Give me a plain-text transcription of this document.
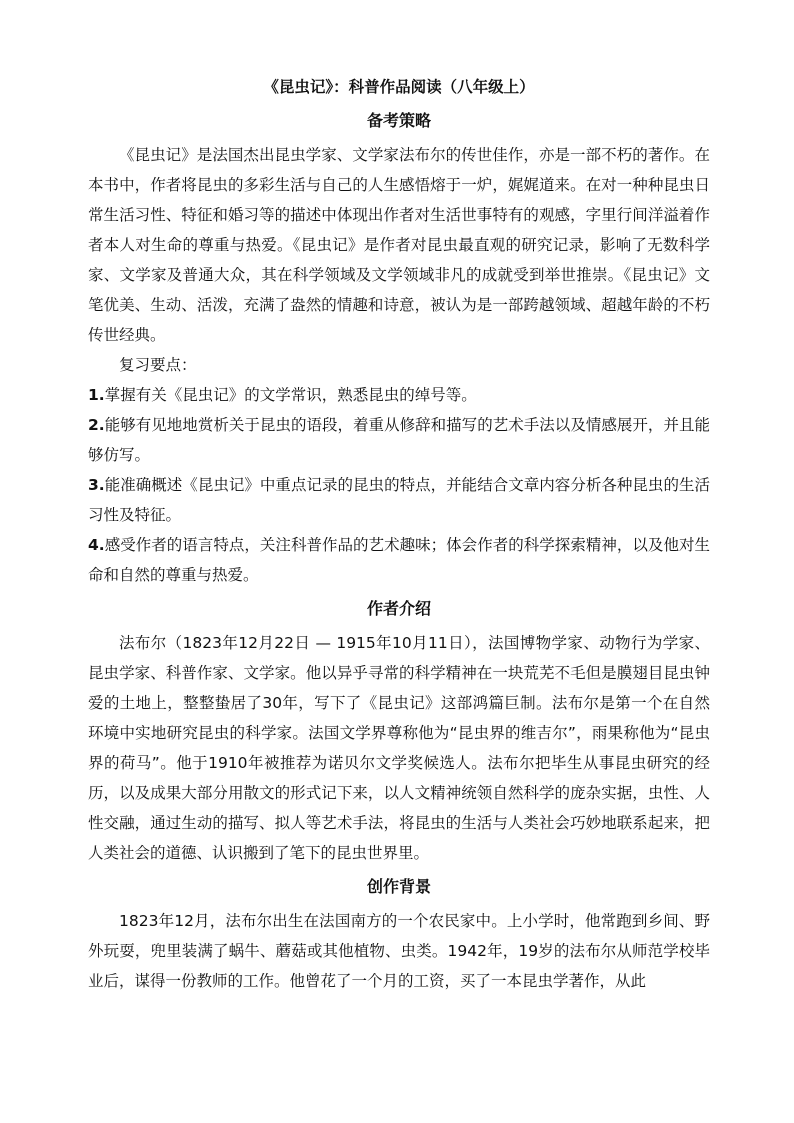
《昆虫记》：科普作品阅读（八年级上）
备考策略

《昆虫记》是法国杰出昆虫学家、文学家法布尔的传世佳作，亦是一部不朽的著作。在本书中，作者将昆虫的多彩生活与自己的人生感悟熔于一炉，娓娓道来。在对一种种昆虫日常生活习性、特征和婚习等的描述中体现出作者对生活世事特有的观感，字里行间洋溢着作者本人对生命的尊重与热爱。《昆虫记》是作者对昆虫最直观的研究记录，影响了无数科学家、文学家及普通大众，其在科学领域及文学领域非凡的成就受到举世推崇。《昆虫记》文笔优美、生动、活泼，充满了盎然的情趣和诗意，被认为是一部跨越领域、超越年龄的不朽传世经典。

复习要点：

1.掌握有关《昆虫记》的文学常识，熟悉昆虫的绰号等。

2.能够有见地地赏析关于昆虫的语段，着重从修辞和描写的艺术手法以及情感展开，并且能够仿写。

3.能准确概述《昆虫记》中重点记录的昆虫的特点，并能结合文章内容分析各种昆虫的生活习性及特征。

4.感受作者的语言特点，关注科普作品的艺术趣味；体会作者的科学探索精神，以及他对生命和自然的尊重与热爱。

作者介绍

法布尔（1823年12月22日 — 1915年10月11日），法国博物学家、动物行为学家、昆虫学家、科普作家、文学家。他以异乎寻常的科学精神在一块荒芜不毛但是膜翅目昆虫钟爱的土地上，整整蛰居了30年，写下了《昆虫记》这部鸿篇巨制。法布尔是第一个在自然环境中实地研究昆虫的科学家。法国文学界尊称他为“昆虫界的维吉尔”，雨果称他为“昆虫界的荷马”。他于1910年被推荐为诺贝尔文学奖候选人。法布尔把毕生从事昆虫研究的经历，以及成果大部分用散文的形式记下来，以人文精神统领自然科学的庞杂实据，虫性、人性交融，通过生动的描写、拟人等艺术手法，将昆虫的生活与人类社会巧妙地联系起来，把人类社会的道德、认识搬到了笔下的昆虫世界里。

创作背景

1823年12月，法布尔出生在法国南方的一个农民家中。上小学时，他常跑到乡间、野外玩耍，兜里装满了蜗牛、蘑菇或其他植物、虫类。1942年，19岁的法布尔从师范学校毕业后，谋得一份教师的工作。他曾花了一个月的工资，买了一本昆虫学著作，从此
